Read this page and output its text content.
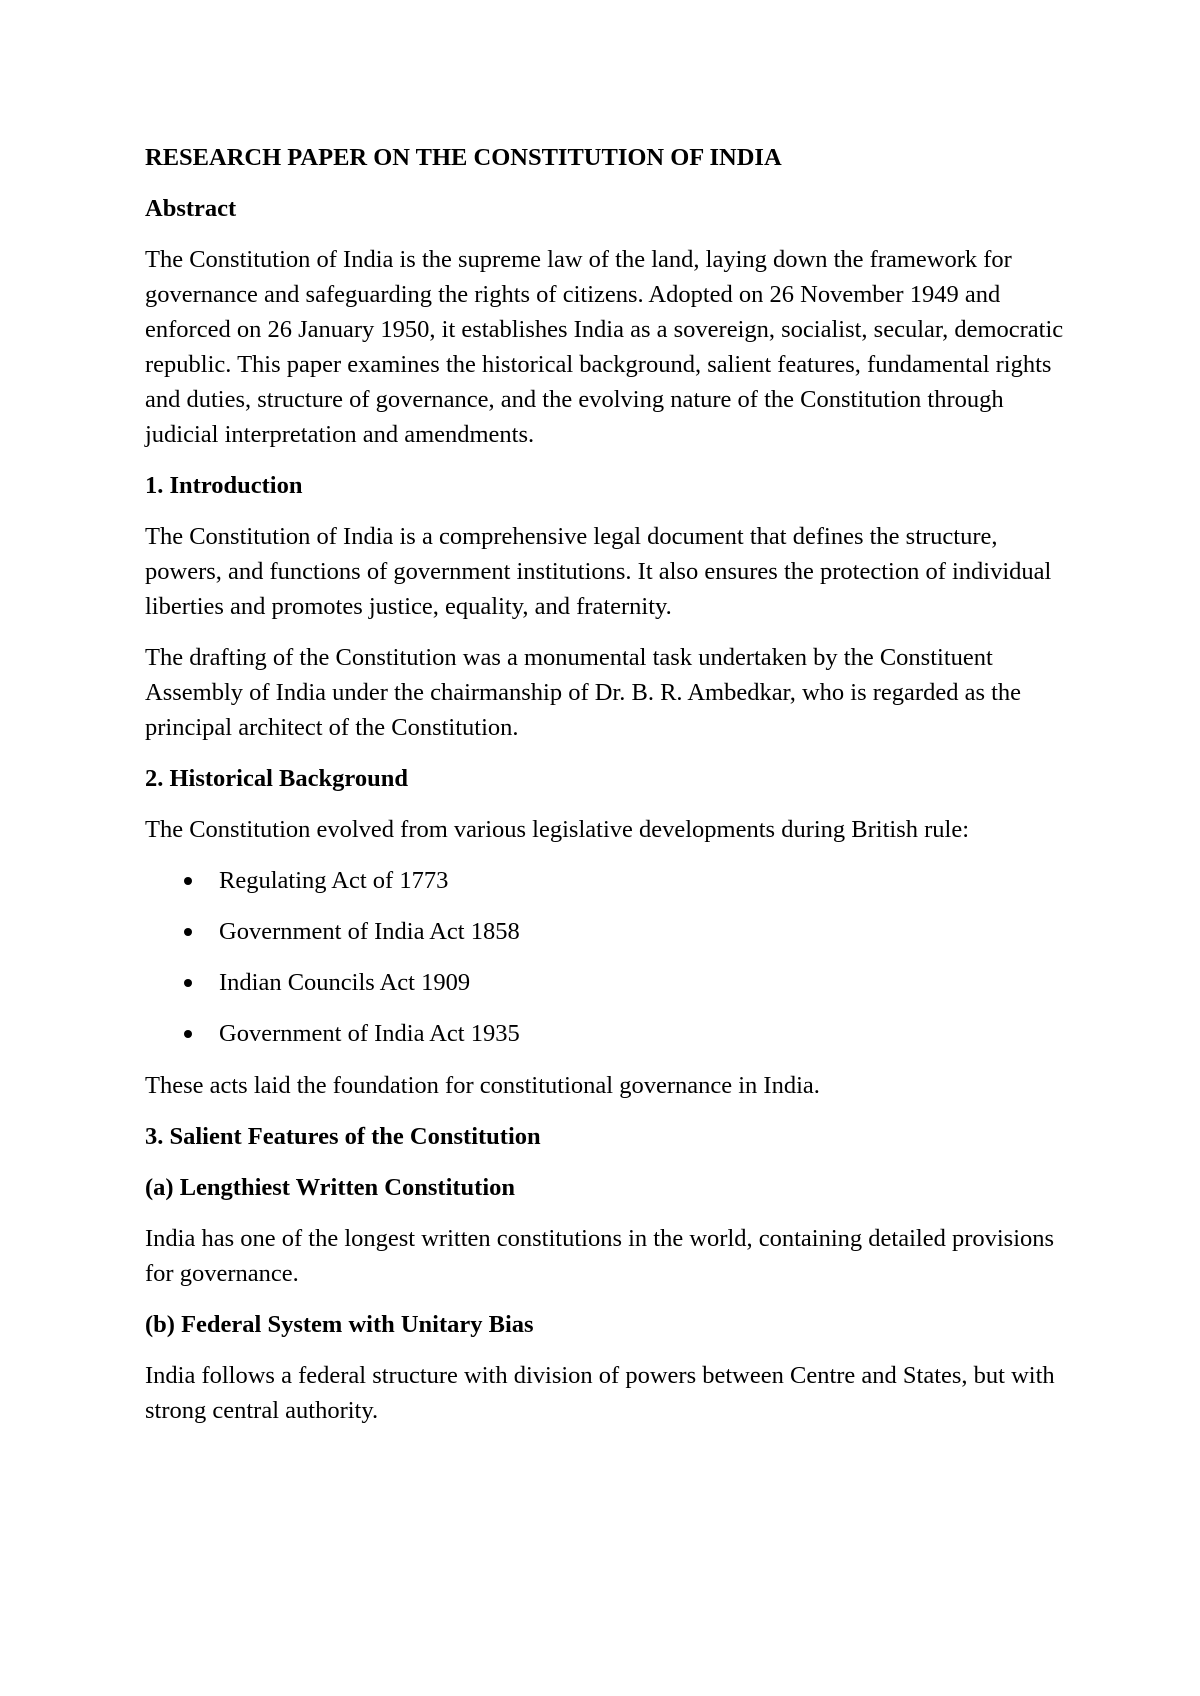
RESEARCH PAPER ON THE CONSTITUTION OF INDIA
Abstract

The Constitution of India is the supreme law of the land, laying down the framework for governance and safeguarding the rights of citizens. Adopted on 26 November 1949 and enforced on 26 January 1950, it establishes India as a sovereign, socialist, secular, democratic republic. This paper examines the historical background, salient features, fundamental rights and duties, structure of governance, and the evolving nature of the Constitution through judicial interpretation and amendments.

1. Introduction

The Constitution of India is a comprehensive legal document that defines the structure, powers, and functions of government institutions. It also ensures the protection of individual liberties and promotes justice, equality, and fraternity.

The drafting of the Constitution was a monumental task undertaken by the Constituent Assembly of India under the chairmanship of Dr. B. R. Ambedkar, who is regarded as the principal architect of the Constitution.

2. Historical Background

The Constitution evolved from various legislative developments during British rule:

Regulating Act of 1773
Government of India Act 1858
Indian Councils Act 1909
Government of India Act 1935

These acts laid the foundation for constitutional governance in India.

3. Salient Features of the Constitution
(a) Lengthiest Written Constitution

India has one of the longest written constitutions in the world, containing detailed provisions for governance.

(b) Federal System with Unitary Bias

India follows a federal structure with division of powers between Centre and States, but with strong central authority.
